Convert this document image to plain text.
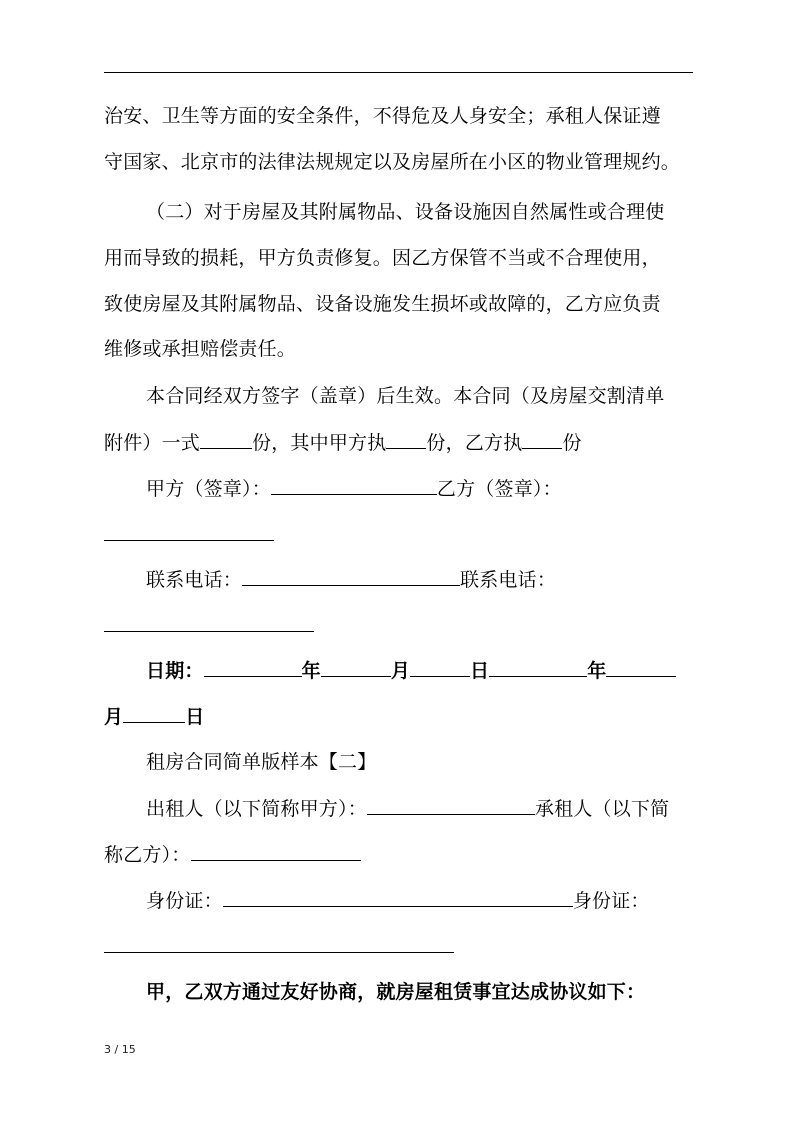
治安、卫生等方面的安全条件，不得危及人身安全；承租人保证遵
守国家、北京市的法律法规规定以及房屋所在小区的物业管理规约。
（二）对于房屋及其附属物品、设备设施因自然属性或合理使
用而导致的损耗，甲方负责修复。因乙方保管不当或不合理使用，
致使房屋及其附属物品、设备设施发生损坏或故障的，乙方应负责
维修或承担赔偿责任。
本合同经双方签字（盖章）后生效。本合同（及房屋交割清单
附件）一式	份，其中甲方执 份，乙方执 份
甲方（签章）：	乙方（签章）：
联系电话：	联系电话：
日期：	年	月	日	年
月	日
租房合同简单版样本【二】
出租人（以下简称甲方）：	承租人（以下简
称乙方）：
身份证：	身份证：
甲，乙双方通过友好协商，就房屋租赁事宜达成协议如下：
3 / 15
